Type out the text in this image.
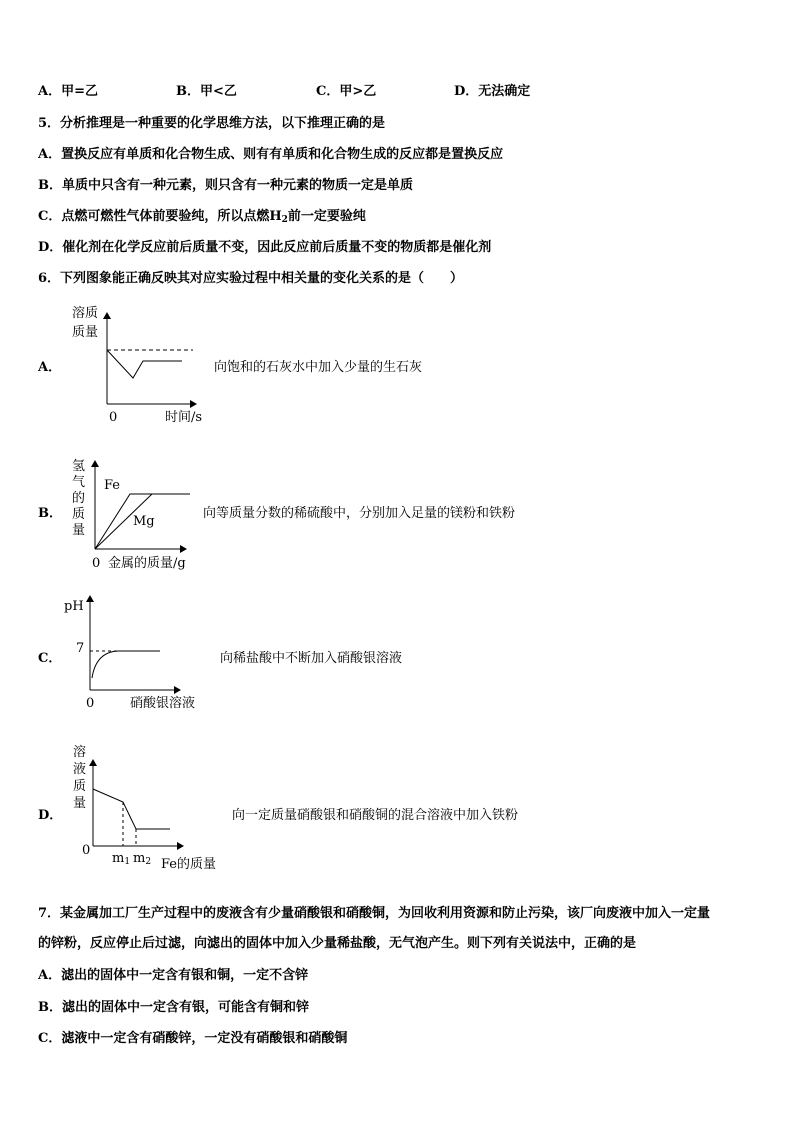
A．甲=乙	B．甲<乙	C．甲>乙	D．无法确定
5．分析推理是一种重要的化学思维方法，以下推理正确的是
A．置换反应有单质和化合物生成、则有有单质和化合物生成的反应都是置换反应
B．单质中只含有一种元素，则只含有一种元素的物质一定是单质
C．点燃可燃性气体前要验纯，所以点燃$H_2$前一定要验纯
D．催化剂在化学反应前后质量不变，因此反应前后质量不变的物质都是催化剂
6．下列图象能正确反映其对应实验过程中相关量的变化关系的是（　　）
A．
溶质
质量
0	时间/s
向饱和的石灰水中加入少量的生石灰
B．
氢
气
的
质
量
Fe
Mg
0 金属的质量/g
向等质量分数的稀硫酸中，分别加入足量的镁粉和铁粉
C．
pH
7
0	硝酸银溶液
向稀盐酸中不断加入硝酸银溶液
D．
溶
液
质
量
0
$m_1$ $m_2$ Fe的质量
向一定质量硝酸银和硝酸铜的混合溶液中加入铁粉
7．某金属加工厂生产过程中的废液含有少量硝酸银和硝酸铜，为回收利用资源和防止污染，该厂向废液中加入一定量
的锌粉，反应停止后过滤，向滤出的固体中加入少量稀盐酸，无气泡产生。则下列有关说法中，正确的是
A．滤出的固体中一定含有银和铜，一定不含锌
B．滤出的固体中一定含有银，可能含有铜和锌
C．滤液中一定含有硝酸锌，一定没有硝酸银和硝酸铜
